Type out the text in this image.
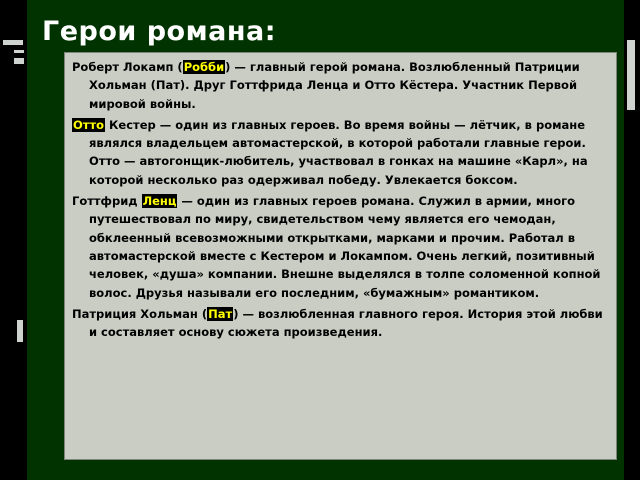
Герои романа:

Роберт Локамп (Робби) — главный герой романа. Возлюбленный Патриции Хольман (Пат). Друг Готтфрида Ленца и Отто Кёстера. Участник Первой мировой войны.

Отто Кестер — один из главных героев. Во время войны — лётчик, в романе являлся владельцем автомастерской, в которой работали главные герои. Отто — автогонщик-любитель, участвовал в гонках на машине «Карл», на которой несколько раз одерживал победу. Увлекается боксом.

Готтфрид Ленц — один из главных героев романа. Служил в армии, много путешествовал по миру, свидетельством чему является его чемодан, обклеенный всевозможными открытками, марками и прочим. Работал в автомастерской вместе с Кестером и Локампом. Очень легкий, позитивный человек, «душа» компании. Внешне выделялся в толпе соломенной копной волос. Друзья называли его последним, «бумажным» романтиком.

Патриция Хольман (Пат) — возлюбленная главного героя. История этой любви и составляет основу сюжета произведения.
